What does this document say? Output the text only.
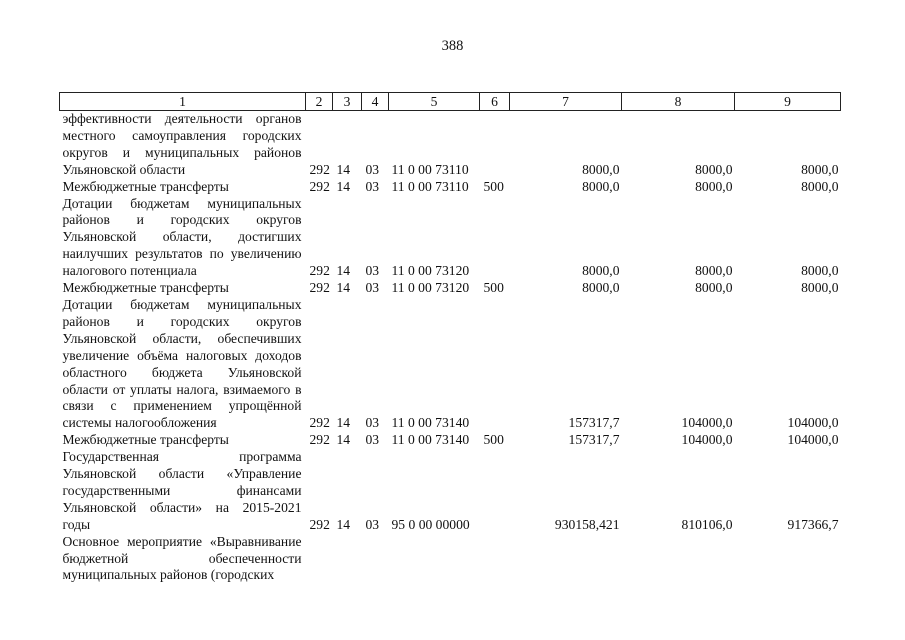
388
1	2	3	4	5	6	7	8	9
эффективности деятельности органов местного самоуправления городских округов и муниципальных районов Ульяновской области	292	14	03	11 0 00 73110		8000,0	8000,0	8000,0
Межбюджетные трансферты	292	14	03	11 0 00 73110	500	8000,0	8000,0	8000,0
Дотации бюджетам муниципальных районов и городских округов Ульяновской области, достигших наилучших результатов по увеличению налогового потенциала	292	14	03	11 0 00 73120		8000,0	8000,0	8000,0
Межбюджетные трансферты	292	14	03	11 0 00 73120	500	8000,0	8000,0	8000,0
Дотации бюджетам муниципальных районов и городских округов Ульяновской области, обеспечивших увеличение объёма налоговых доходов областного бюджета Ульяновской области от уплаты налога, взимаемого в связи с применением упрощённой системы налогообложения	292	14	03	11 0 00 73140		157317,7	104000,0	104000,0
Межбюджетные трансферты	292	14	03	11 0 00 73140	500	157317,7	104000,0	104000,0
Государственная программа Ульяновской области «Управление государственными финансами Ульяновской области» на 2015-2021 годы	292	14	03	95 0 00 00000		930158,421	810106,0	917366,7
Основное мероприятие «Выравнивание бюджетной обеспеченности муниципальных районов (городских								
